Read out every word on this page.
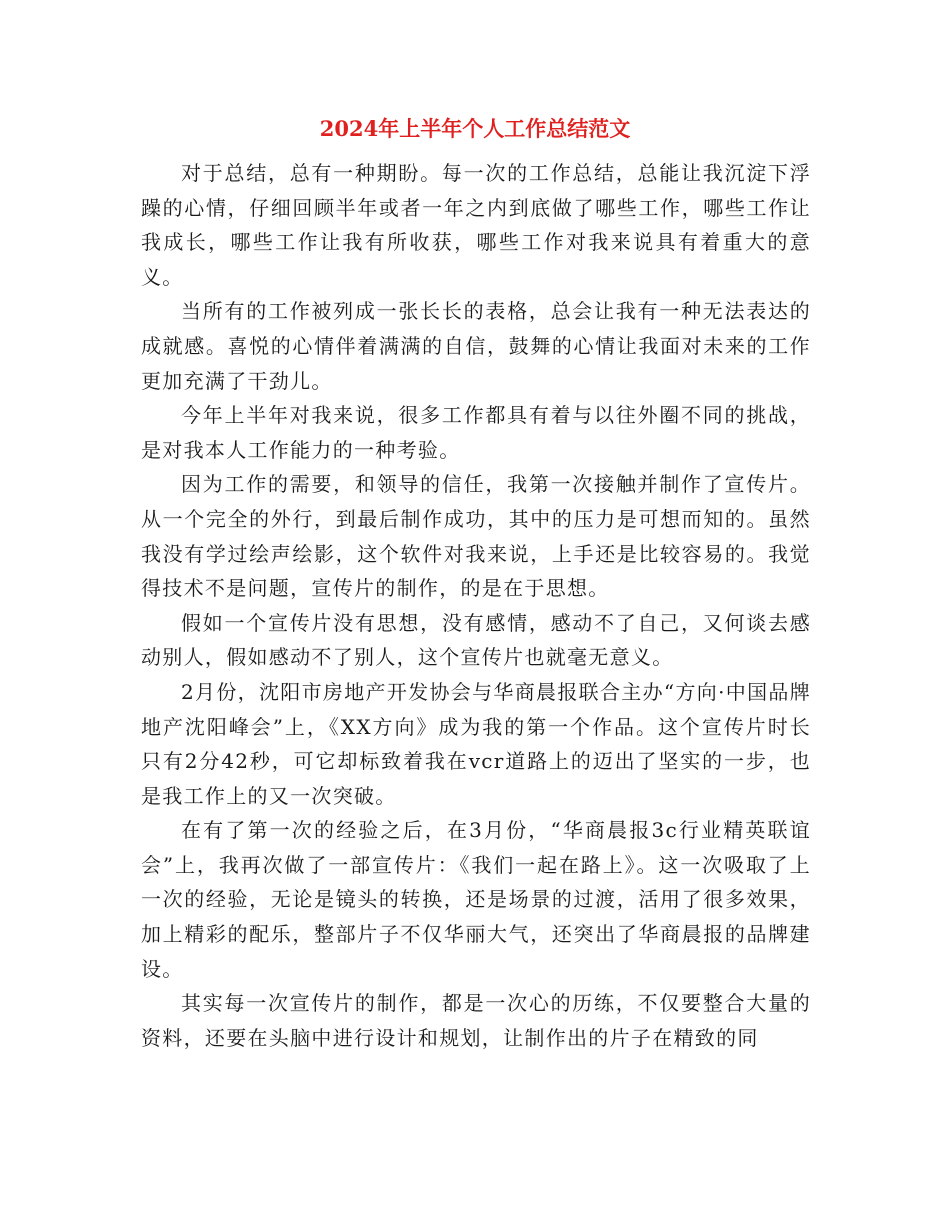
2024年上半年个人工作总结范文

对于总结，总有一种期盼。每一次的工作总结，总能让我沉淀下浮躁的心情，仔细回顾半年或者一年之内到底做了哪些工作，哪些工作让我成长，哪些工作让我有所收获，哪些工作对我来说具有着重大的意义。

当所有的工作被列成一张长长的表格，总会让我有一种无法表达的成就感。喜悦的心情伴着满满的自信，鼓舞的心情让我面对未来的工作更加充满了干劲儿。

今年上半年对我来说，很多工作都具有着与以往外圈不同的挑战，是对我本人工作能力的一种考验。

因为工作的需要，和领导的信任，我第一次接触并制作了宣传片。从一个完全的外行，到最后制作成功，其中的压力是可想而知的。虽然我没有学过绘声绘影，这个软件对我来说，上手还是比较容易的。我觉得技术不是问题，宣传片的制作，的是在于思想。

假如一个宣传片没有思想，没有感情，感动不了自己，又何谈去感动别人，假如感动不了别人，这个宣传片也就毫无意义。

2月份，沈阳市房地产开发协会与华商晨报联合主办“方向·中国品牌地产沈阳峰会”上，《XX方向》成为我的第一个作品。这个宣传片时长只有2分42秒，可它却标致着我在vcr道路上的迈出了坚实的一步，也是我工作上的又一次突破。

在有了第一次的经验之后，在3月份，“华商晨报3c行业精英联谊会”上，我再次做了一部宣传片：《我们一起在路上》。这一次吸取了上一次的经验，无论是镜头的转换，还是场景的过渡，活用了很多效果，加上精彩的配乐，整部片子不仅华丽大气，还突出了华商晨报的品牌建设。

其实每一次宣传片的制作，都是一次心的历练，不仅要整合大量的资料，还要在头脑中进行设计和规划，让制作出的片子在精致的同
